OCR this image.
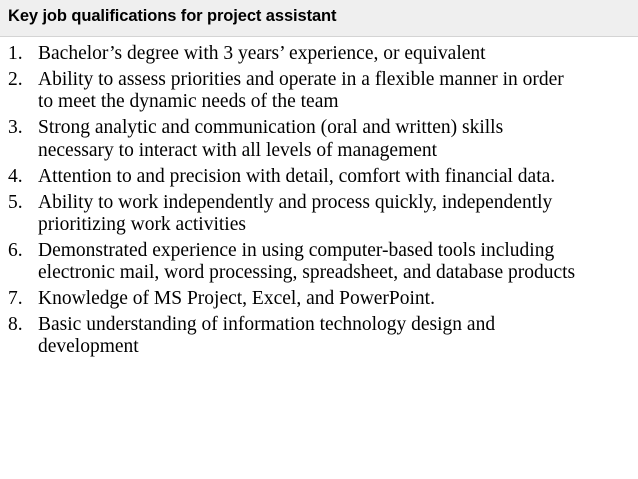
Key job qualifications for project assistant
1. Bachelor’s degree with 3 years’ experience, or equivalent
2. Ability to assess priorities and operate in a flexible manner in order
to meet the dynamic needs of the team
3. Strong analytic and communication (oral and written) skills
necessary to interact with all levels of management
4. Attention to and precision with detail, comfort with financial data.
5. Ability to work independently and process quickly, independently
prioritizing work activities
6. Demonstrated experience in using computer-based tools including
electronic mail, word processing, spreadsheet, and database products
7. Knowledge of MS Project, Excel, and PowerPoint.
8. Basic understanding of information technology design and
development
